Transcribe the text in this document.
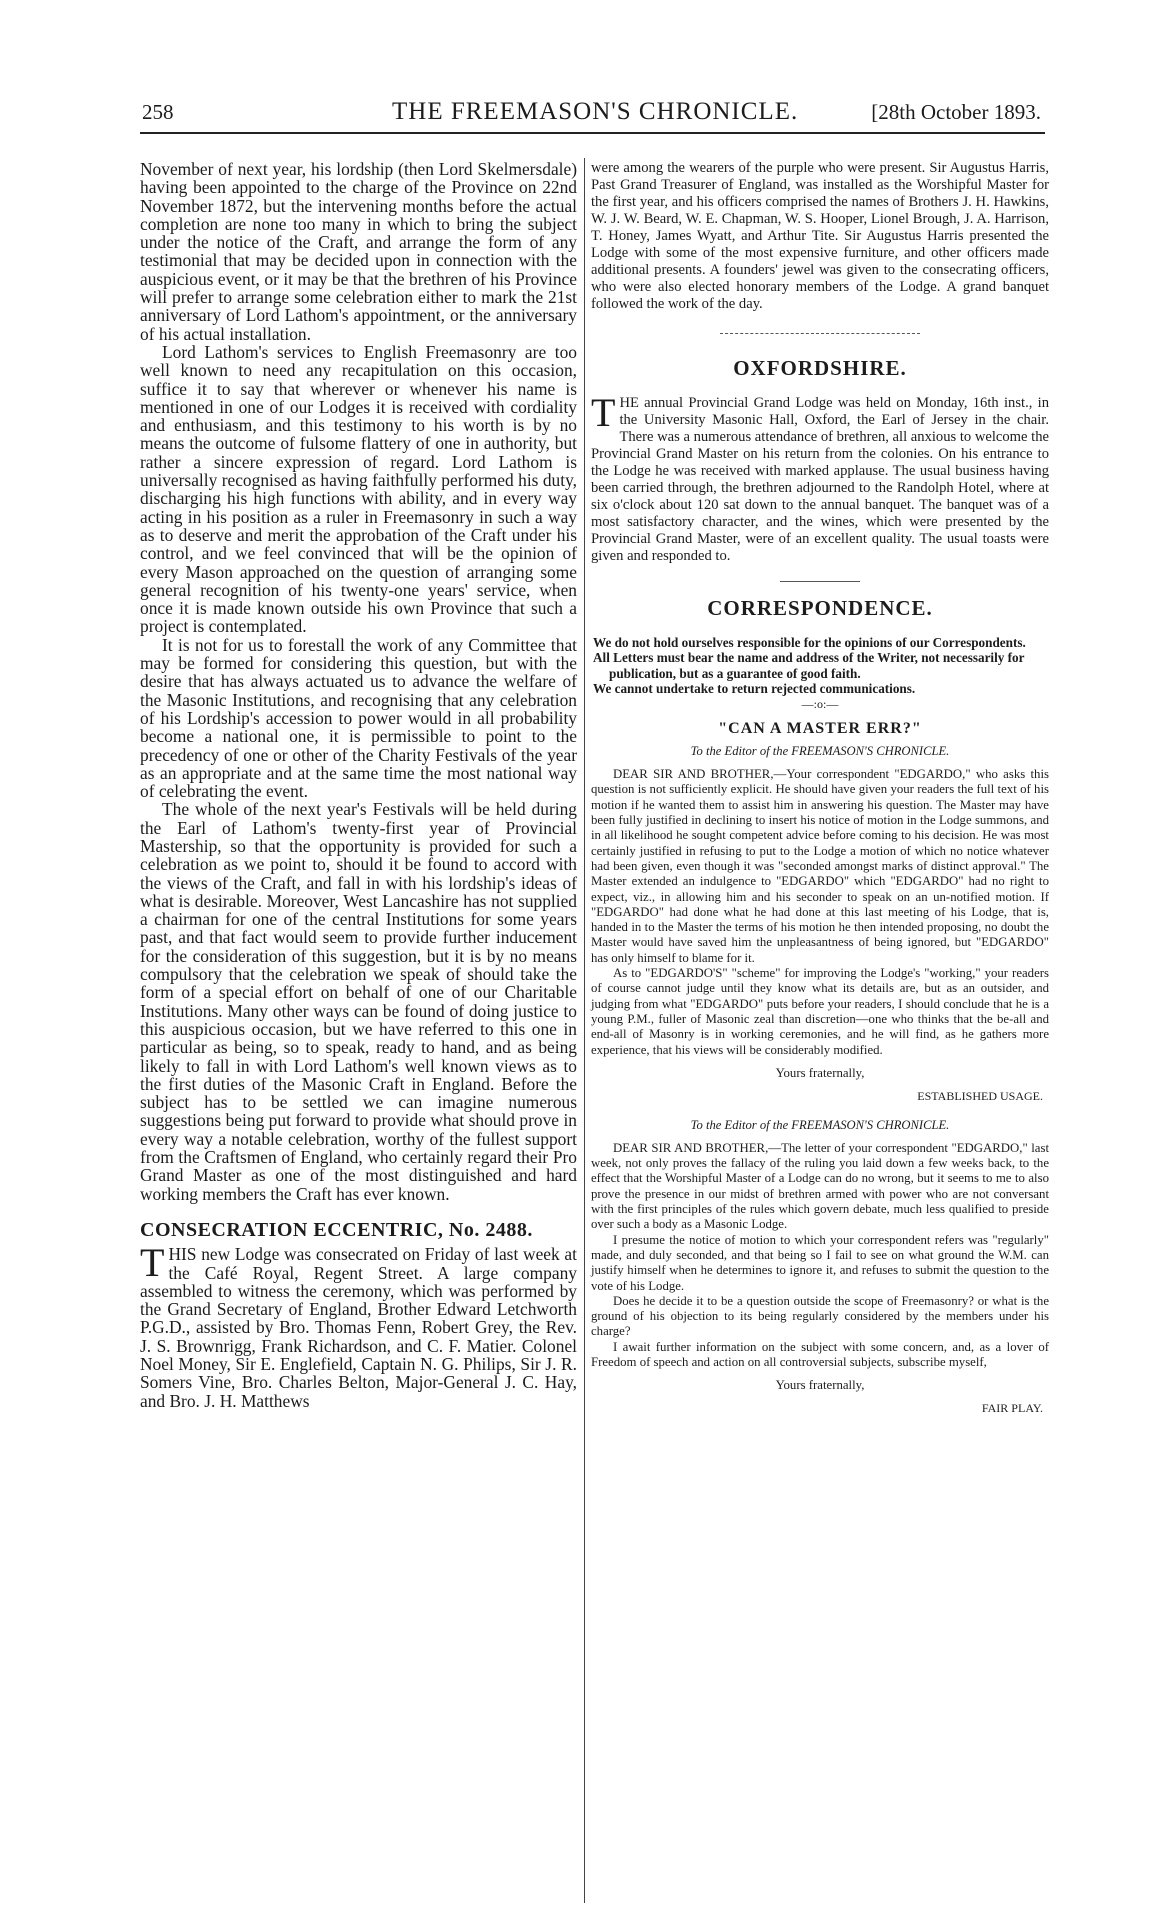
258	THE FREEMASON'S CHRONICLE.	[28th October 1893.

November of next year, his lordship (then Lord Skelmersdale) having been appointed to the charge of the Province on 22nd November 1872, but the intervening months before the actual completion are none too many in which to bring the subject under the notice of the Craft, and arrange the form of any testimonial that may be decided upon in connection with the auspicious event, or it may be that the brethren of his Province will prefer to arrange some celebration either to mark the 21st anniversary of Lord Lathom's appointment, or the anniversary of his actual installation.

Lord Lathom's services to English Freemasonry are too well known to need any recapitulation on this occasion, suffice it to say that wherever or whenever his name is mentioned in one of our Lodges it is received with cordiality and enthusiasm, and this testimony to his worth is by no means the outcome of fulsome flattery of one in authority, but rather a sincere expression of regard. Lord Lathom is universally recognised as having faithfully performed his duty, discharging his high functions with ability, and in every way acting in his position as a ruler in Freemasonry in such a way as to deserve and merit the approbation of the Craft under his control, and we feel convinced that will be the opinion of every Mason approached on the question of arranging some general recognition of his twenty-one years' service, when once it is made known outside his own Province that such a project is contemplated.

It is not for us to forestall the work of any Committee that may be formed for considering this question, but with the desire that has always actuated us to advance the welfare of the Masonic Institutions, and recognising that any celebration of his Lordship's accession to power would in all probability become a national one, it is permissible to point to the precedency of one or other of the Charity Festivals of the year as an appropriate and at the same time the most national way of celebrating the event.

The whole of the next year's Festivals will be held during the Earl of Lathom's twenty-first year of Provincial Mastership, so that the opportunity is provided for such a celebration as we point to, should it be found to accord with the views of the Craft, and fall in with his lordship's ideas of what is desirable. Moreover, West Lancashire has not supplied a chairman for one of the central Institutions for some years past, and that fact would seem to provide further inducement for the consideration of this suggestion, but it is by no means compulsory that the celebration we speak of should take the form of a special effort on behalf of one of our Charitable Institutions. Many other ways can be found of doing justice to this auspicious occasion, but we have referred to this one in particular as being, so to speak, ready to hand, and as being likely to fall in with Lord Lathom's well known views as to the first duties of the Masonic Craft in England. Before the subject has to be settled we can imagine numerous suggestions being put forward to provide what should prove in every way a notable celebration, worthy of the fullest support from the Craftsmen of England, who certainly regard their Pro Grand Master as one of the most distinguished and hard working members the Craft has ever known.

CONSECRATION ECCENTRIC, No. 2488.

THIS new Lodge was consecrated on Friday of last week at the Café Royal, Regent Street. A large company assembled to witness the ceremony, which was performed by the Grand Secretary of England, Brother Edward Letchworth P.G.D., assisted by Bro. Thomas Fenn, Robert Grey, the Rev. J. S. Brownrigg, Frank Richardson, and C. F. Matier. Colonel Noel Money, Sir E. Englefield, Captain N. G. Philips, Sir J. R. Somers Vine, Bro. Charles Belton, Major-General J. C. Hay, and Bro. J. H. Matthews

were among the wearers of the purple who were present. Sir Augustus Harris, Past Grand Treasurer of England, was installed as the Worshipful Master for the first year, and his officers comprised the names of Brothers J. H. Hawkins, W. J. W. Beard, W. E. Chapman, W. S. Hooper, Lionel Brough, J. A. Harrison, T. Honey, James Wyatt, and Arthur Tite. Sir Augustus Harris presented the Lodge with some of the most expensive furniture, and other officers made additional presents. A founders' jewel was given to the consecrating officers, who were also elected honorary members of the Lodge. A grand banquet followed the work of the day.

OXFORDSHIRE.

THE annual Provincial Grand Lodge was held on Monday, 16th inst., in the University Masonic Hall, Oxford, the Earl of Jersey in the chair. There was a numerous attendance of brethren, all anxious to welcome the Provincial Grand Master on his return from the colonies. On his entrance to the Lodge he was received with marked applause. The usual business having been carried through, the brethren adjourned to the Randolph Hotel, where at six o'clock about 120 sat down to the annual banquet. The banquet was of a most satisfactory character, and the wines, which were presented by the Provincial Grand Master, were of an excellent quality. The usual toasts were given and responded to.

CORRESPONDENCE.

We do not hold ourselves responsible for the opinions of our Correspondents.

All Letters must bear the name and address of the Writer, not necessarily for publication, but as a guarantee of good faith.

We cannot undertake to return rejected communications.

—:o:—
"CAN A MASTER ERR?"
To the Editor of the FREEMASON'S CHRONICLE.

DEAR SIR AND BROTHER,—Your correspondent "EDGARDO," who asks this question is not sufficiently explicit. He should have given your readers the full text of his motion if he wanted them to assist him in answering his question. The Master may have been fully justified in declining to insert his notice of motion in the Lodge summons, and in all likelihood he sought competent advice before coming to his decision. He was most certainly justified in refusing to put to the Lodge a motion of which no notice whatever had been given, even though it was "seconded amongst marks of distinct approval." The Master extended an indulgence to "EDGARDO" which "EDGARDO" had no right to expect, viz., in allowing him and his seconder to speak on an un-notified motion. If "EDGARDO" had done what he had done at this last meeting of his Lodge, that is, handed in to the Master the terms of his motion he then intended proposing, no doubt the Master would have saved him the unpleasantness of being ignored, but "EDGARDO" has only himself to blame for it.

As to "EDGARDO'S" "scheme" for improving the Lodge's "working," your readers of course cannot judge until they know what its details are, but as an outsider, and judging from what "EDGARDO" puts before your readers, I should conclude that he is a young P.M., fuller of Masonic zeal than discretion—one who thinks that the be-all and end-all of Masonry is in working ceremonies, and he will find, as he gathers more experience, that his views will be considerably modified.

Yours fraternally,
ESTABLISHED USAGE.
To the Editor of the FREEMASON'S CHRONICLE.

DEAR SIR AND BROTHER,—The letter of your correspondent "EDGARDO," last week, not only proves the fallacy of the ruling you laid down a few weeks back, to the effect that the Worshipful Master of a Lodge can do no wrong, but it seems to me to also prove the presence in our midst of brethren armed with power who are not conversant with the first principles of the rules which govern debate, much less qualified to preside over such a body as a Masonic Lodge.

I presume the notice of motion to which your correspondent refers was "regularly" made, and duly seconded, and that being so I fail to see on what ground the W.M. can justify himself when he determines to ignore it, and refuses to submit the question to the vote of his Lodge.

Does he decide it to be a question outside the scope of Freemasonry? or what is the ground of his objection to its being regularly considered by the members under his charge?

I await further information on the subject with some concern, and, as a lover of Freedom of speech and action on all controversial subjects, subscribe myself,

Yours fraternally,
FAIR PLAY.
